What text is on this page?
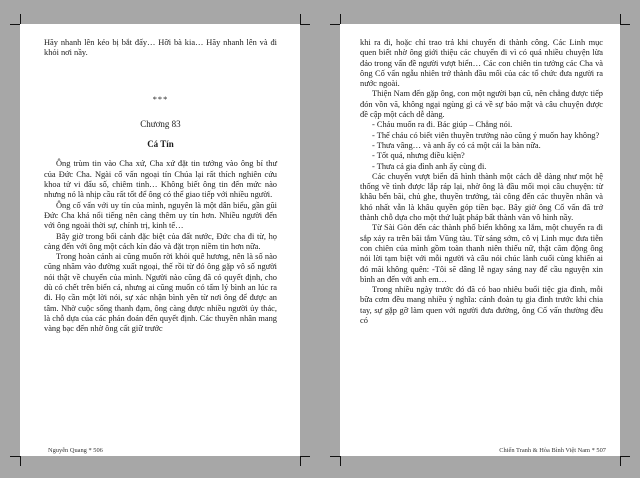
Hãy nhanh lên kéo bị bắt đấy… Hỡi bà kia… Hãy nhanh lên và đi khỏi nơi nầy.

***
Chương 83
Cá Tín

Ông trùm tin vào Cha xứ, Cha xứ đặt tin tưởng vào ông bí thư của Đức Cha. Ngài cố vấn ngoại tín Chúa lại rất thích nghiên cứu khoa tử vi đẩu số, chiêm tinh… Không biết ông tin đến mức nào nhưng nó là nhịp cầu rất tốt để ông có thể giao tiếp với nhiều người.

Ông cố vấn với uy tín của mình, nguyên là một dân biểu, gần gũi Đức Cha khá nổi tiếng nên càng thêm uy tín hơn. Nhiều người đến với ông ngoài thời sự, chính trị, kinh tế…

Bây giờ trong bối cảnh đặc biệt của đất nước, Đức cha đi từ, họ càng đến với ông một cách kín đáo và đặt trọn niềm tin hơn nữa.

Trong hoàn cảnh ai cũng muốn rời khỏi quê hương, nên là số nào cũng nhăm vào đường xuất ngoại, thế rồi từ đó ông gặp vô số người nói thật về chuyến của mình. Người nào cũng đã có quyết định, cho dù có chết trên biển cả, nhưng ai cũng muốn có tấm lý bình an lúc ra đi. Họ cần một lời nói, sự xác nhận bình yên từ nơi ông để được an tâm. Nhờ cuộc sống thanh đạm, ông càng được nhiều người ủy thác, là chỗ dựa của các phán đoán đến quyết định. Các thuyền nhân mang vàng bạc đến nhờ ông cất giữ trước

Nguyễn Quang * 506

khi ra đi, hoặc chỉ trao trả khi chuyến đi thành công. Các Linh mục quen biết nhờ ông giới thiệu các chuyến đi vì có quá nhiều chuyện lừa đảo trong vấn đề người vượt biển… Các con chiên tin tưởng các Cha và ông Cố vấn ngẫu nhiên trở thành đầu mối của các tổ chức đưa người ra nước ngoài.

Thiện Nam đến gặp ông, con một người bạn cũ, nên chẳng được tiếp đón vồn vã, không ngại ngùng gì cả về sự bảo mật và câu chuyện được đề cập một cách dễ dàng.

- Cháu muốn ra đi. Bác giúp – Chẳng nói.

- Thế cháu có biết viên thuyền trưởng nào cũng ý muốn hay không?

- Thưa vâng… và anh ấy có cả một cái la bàn nữa.

- Tốt quá, nhưng điều kiện?

- Thưa cả gia đình anh ấy cùng đi.

Các chuyến vượt biển đã hình thành một cách dễ dàng như một hệ thống về tình được lắp ráp lại, nhờ ông là đầu mối mọi câu chuyện: từ khâu bến bãi, chủ ghe, thuyền trưởng, tài công đến các thuyền nhân và khó nhất vẫn là khâu quyền góp tiền bạc. Bây giờ ông Cố vấn đã trở thành chỗ dựa cho một thứ luật pháp bất thành văn vô hình nầy.

Từ Sài Gòn đến các thành phố biển không xa lắm, một chuyến ra đi sắp xảy ra trên bãi tắm Vũng tàu. Từ sáng sớm, cô vị Linh mục đưa tiễn con chiên của mình gồm toàn thanh niên thiếu nữ, thật căm động ông nói lời tạm biệt với mỗi người và câu nói chúc lành cuối cùng khiến ai đó mãi không quên: -Tôi sẽ dâng lễ ngay sáng nay để cầu nguyện xin bình an đến với anh em…

Trong nhiều ngày trước đó đã có bao nhiêu buổi tiệc gia đình, mỗi bữa cơm đều mang nhiều ý nghĩa: cảnh đoàn tụ gia đình trước khi chia tay, sự gặp gỡ làm quen với người đưa đường, ông Cố vấn thường đều có

Chiến Tranh & Hòa Bình Việt Nam * 507
